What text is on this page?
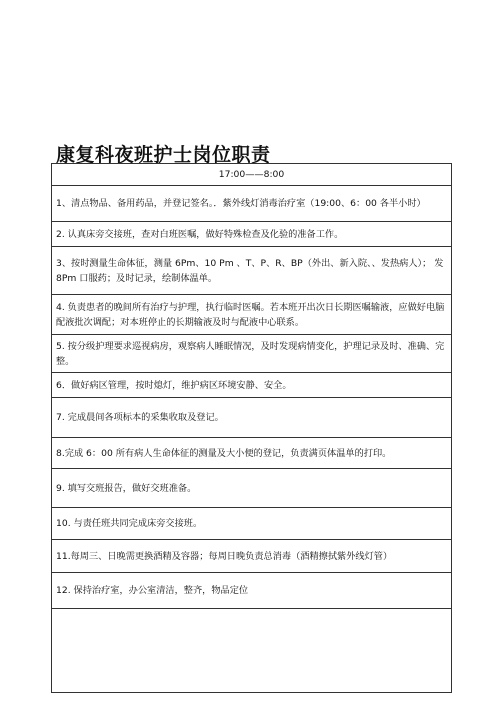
康复科夜班护士岗位职责
17:00——8:00
1、清点物品、备用药品，并登记签名。．紫外线灯消毒治疗室（19:00、6：00 各半小时）
2. 认真床旁交接班，查对白班医嘱，做好特殊检查及化验的准备工作。
3、按时测量生命体征，测量 6Pm、10 Pm 、T、P、R、BP（外出、新入院、、发热病人）； 发 8Pm 口服药；及时记录，绘制体温单。
4. 负责患者的晚间所有治疗与护理，执行临时医嘱。若本班开出次日长期医嘱输液，应做好电脑配液批次调配；对本班停止的长期输液及时与配液中心联系。
5. 按分级护理要求巡视病房，观察病人睡眠情况，及时发现病情变化，护理记录及时、准确、完整。
6．做好病区管理，按时熄灯，维护病区环境安静、安全。
7. 完成晨间各项标本的采集收取及登记。
8.完成 6：00 所有病人生命体征的测量及大小便的登记，负责满页体温单的打印。
9. 填写交班报告，做好交班准备。
10. 与责任班共同完成床旁交接班。
11.每周三、日晚需更换酒精及容器；每周日晚负责总消毒（酒精擦拭紫外线灯管）
12. 保持治疗室，办公室清洁，整齐，物品定位
